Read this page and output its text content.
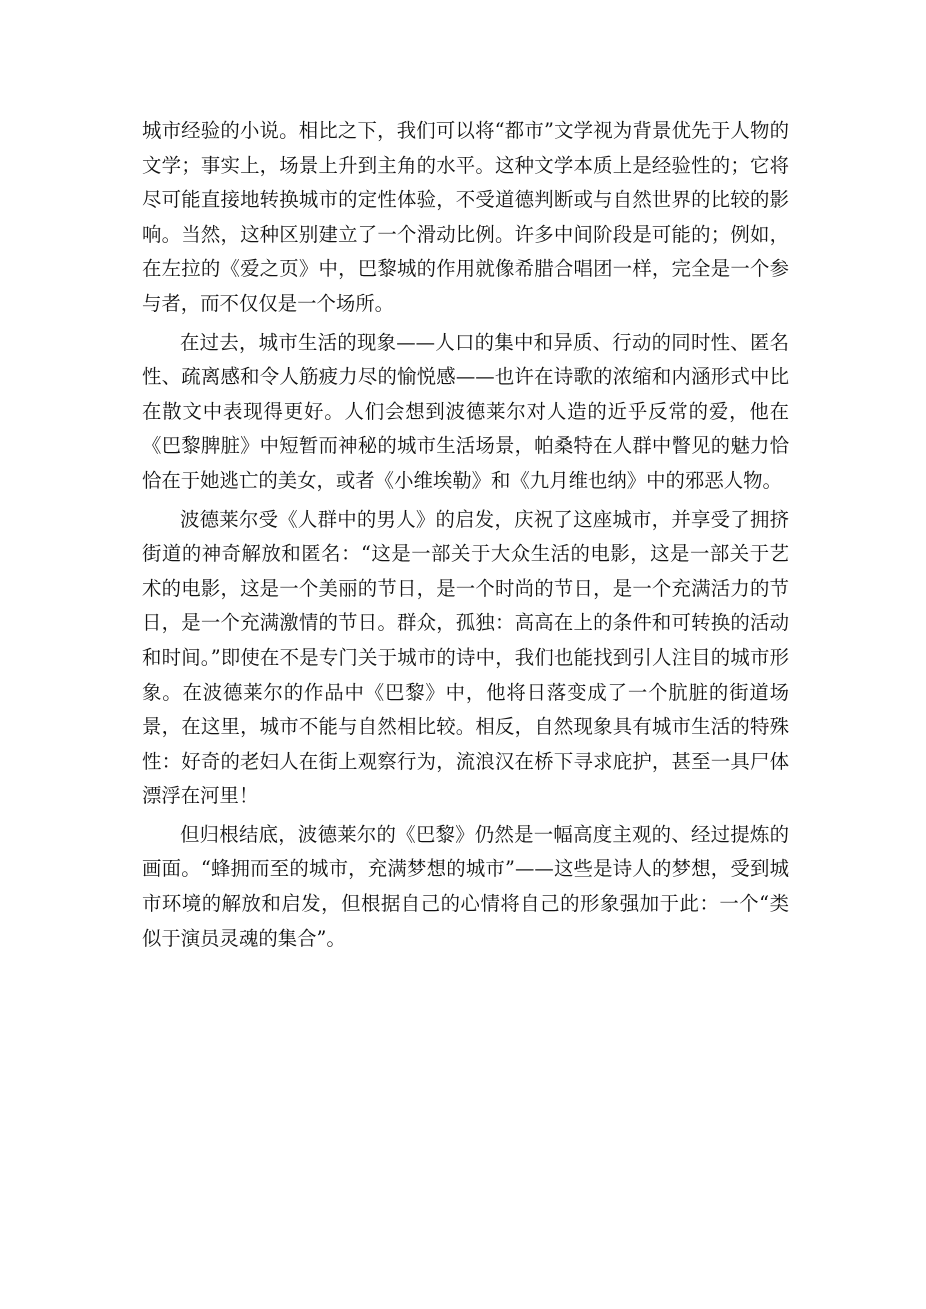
城市经验的小说。相比之下，我们可以将“都市”文学视为背景优先于人物的文学；事实上，场景上升到主角的水平。这种文学本质上是经验性的；它将尽可能直接地转换城市的定性体验，不受道德判断或与自然世界的比较的影响。当然，这种区别建立了一个滑动比例。许多中间阶段是可能的；例如，在左拉的《爱之页》中，巴黎城的作用就像希腊合唱团一样，完全是一个参与者，而不仅仅是一个场所。

在过去，城市生活的现象——人口的集中和异质、行动的同时性、匿名性、疏离感和令人筋疲力尽的愉悦感——也许在诗歌的浓缩和内涵形式中比在散文中表现得更好。人们会想到波德莱尔对人造的近乎反常的爱，他在《巴黎脾脏》中短暂而神秘的城市生活场景，帕桑特在人群中瞥见的魅力恰恰在于她逃亡的美女，或者《小维埃勒》和《九月维也纳》中的邪恶人物。

波德莱尔受《人群中的男人》的启发，庆祝了这座城市，并享受了拥挤街道的神奇解放和匿名：“这是一部关于大众生活的电影，这是一部关于艺术的电影，这是一个美丽的节日，是一个时尚的节日，是一个充满活力的节日，是一个充满激情的节日。群众，孤独：高高在上的条件和可转换的活动和时间。”即使在不是专门关于城市的诗中，我们也能找到引人注目的城市形象。在波德莱尔的作品中《巴黎》中，他将日落变成了一个肮脏的街道场景，在这里，城市不能与自然相比较。相反，自然现象具有城市生活的特殊性：好奇的老妇人在街上观察行为，流浪汉在桥下寻求庇护，甚至一具尸体漂浮在河里！

但归根结底，波德莱尔的《巴黎》仍然是一幅高度主观的、经过提炼的画面。“蜂拥而至的城市，充满梦想的城市”——这些是诗人的梦想，受到城市环境的解放和启发，但根据自己的心情将自己的形象强加于此：一个“类似于演员灵魂的集合”。
